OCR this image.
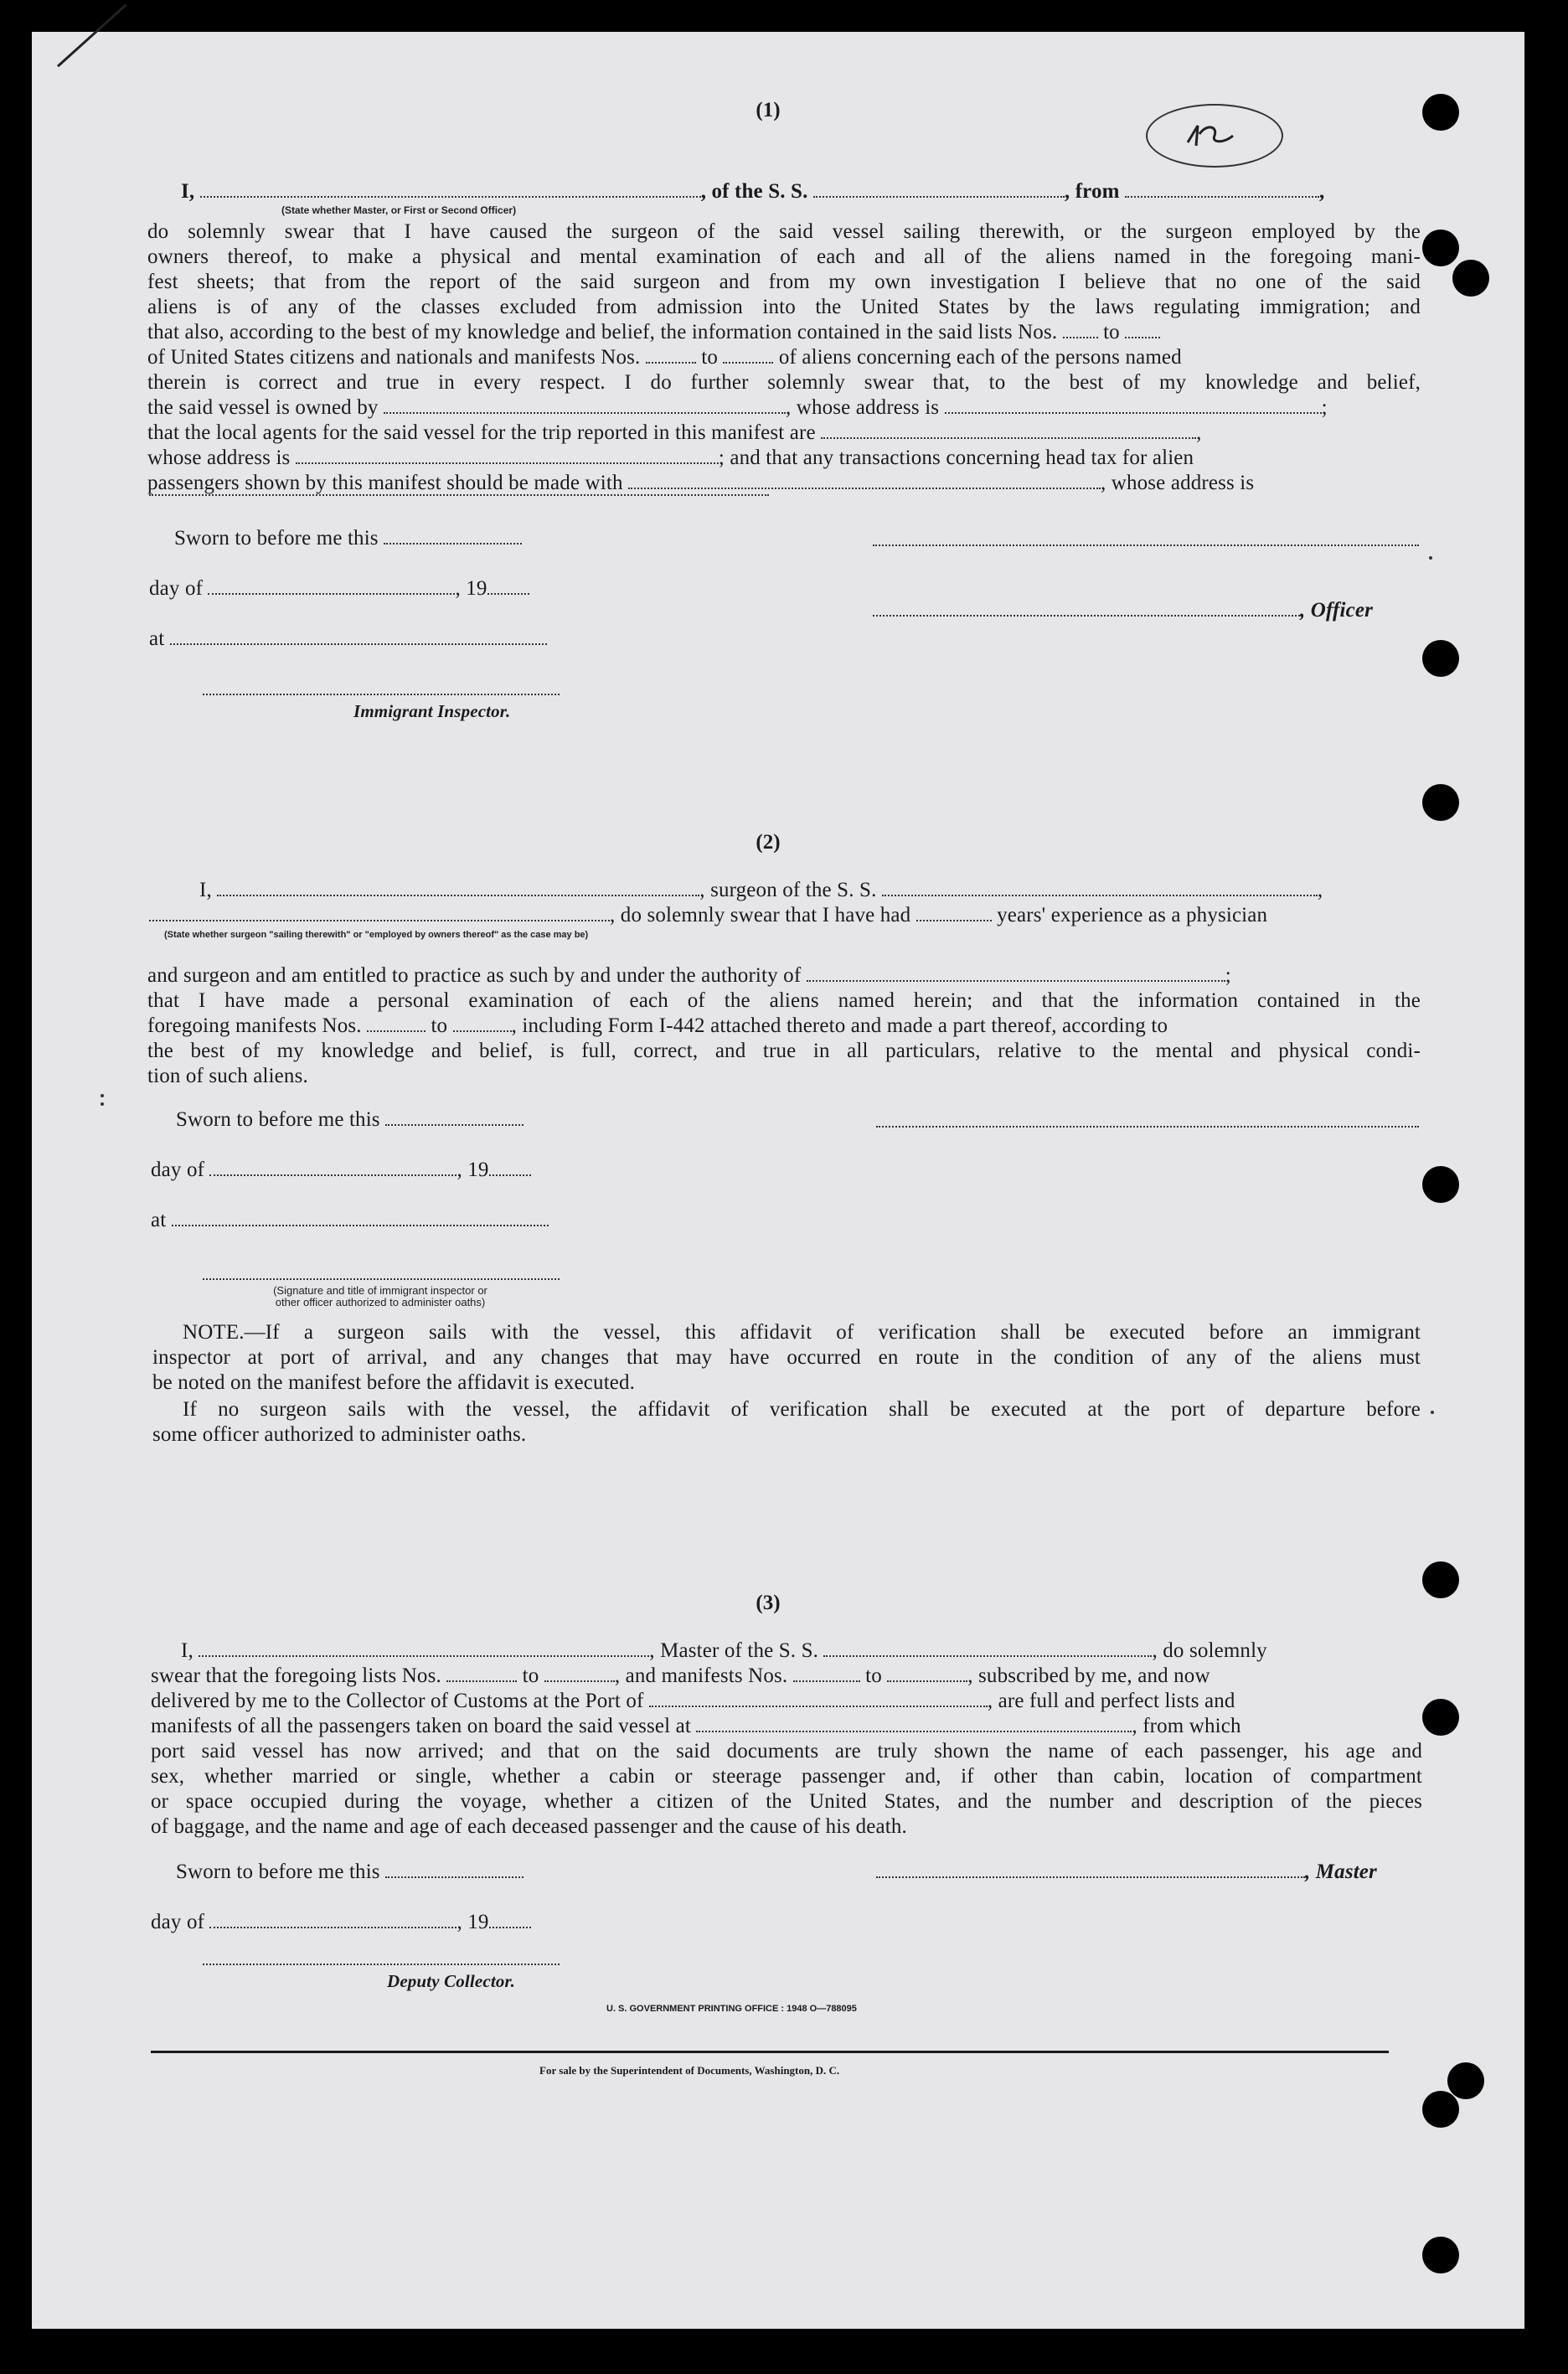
(1)
I,	, of the S. S.	, from	,
(State whether Master, or First or Second Officer)
do solemnly swear that I have caused the surgeon of the said vessel sailing therewith, or the surgeon employed by the
owners thereof, to make a physical and mental examination of each and all of the aliens named in the foregoing mani-
fest sheets; that from the report of the said surgeon and from my own investigation I believe that no one of the said
aliens is of any of the classes excluded from admission into the United States by the laws regulating immigration; and
that also, according to the best of my knowledge and belief, the information contained in the said lists Nos. to
of United States citizens and nationals and manifests Nos.	to	of aliens concerning each of the persons named
therein is correct and true in every respect. I do further solemnly swear that, to the best of my knowledge and belief,
the said vessel is owned by	, whose address is	;
that the local agents for the said vessel for the trip reported in this manifest are	,
whose address is	; and that any transactions concerning head tax for alien
passengers shown by this manifest should be made with	, whose address is
Sworn to before me this
day of	, 19
, Officer
at
Immigrant Inspector.
(2)
I,	, surgeon of the S. S.	,
, do solemnly swear that I have had	years' experience as a physician
(State whether surgeon "sailing therewith" or "employed by owners thereof" as the case may be)
and surgeon and am entitled to practice as such by and under the authority of	;
that I have made a personal examination of each of the aliens named herein; and that the information contained in the
foregoing manifests Nos.	to	, including Form I-442 attached thereto and made a part thereof, according to
the best of my knowledge and belief, is full, correct, and true in all particulars, relative to the mental and physical condi-
tion of such aliens.
Sworn to before me this
day of	, 19
at
(Signature and title of immigrant inspector or
other officer authorized to administer oaths)
NOTE.—If a surgeon sails with the vessel, this affidavit of verification shall be executed before an immigrant
inspector at port of arrival, and any changes that may have occurred en route in the condition of any of the aliens must
be noted on the manifest before the affidavit is executed.
If no surgeon sails with the vessel, the affidavit of verification shall be executed at the port of departure before
some officer authorized to administer oaths.
(3)
I,	, Master of the S. S.	, do solemnly
swear that the foregoing lists Nos.	to	, and manifests Nos.	to	, subscribed by me, and now
delivered by me to the Collector of Customs at the Port of	, are full and perfect lists and
manifests of all the passengers taken on board the said vessel at	, from which
port said vessel has now arrived; and that on the said documents are truly shown the name of each passenger, his age and
sex, whether married or single, whether a cabin or steerage passenger and, if other than cabin, location of compartment
or space occupied during the voyage, whether a citizen of the United States, and the number and description of the pieces
of baggage, and the name and age of each deceased passenger and the cause of his death.
Sworn to before me this	, Master
day of	, 19
Deputy Collector.
U. S. GOVERNMENT PRINTING OFFICE : 1948 O—788095
For sale by the Superintendent of Documents, Washington, D. C.
